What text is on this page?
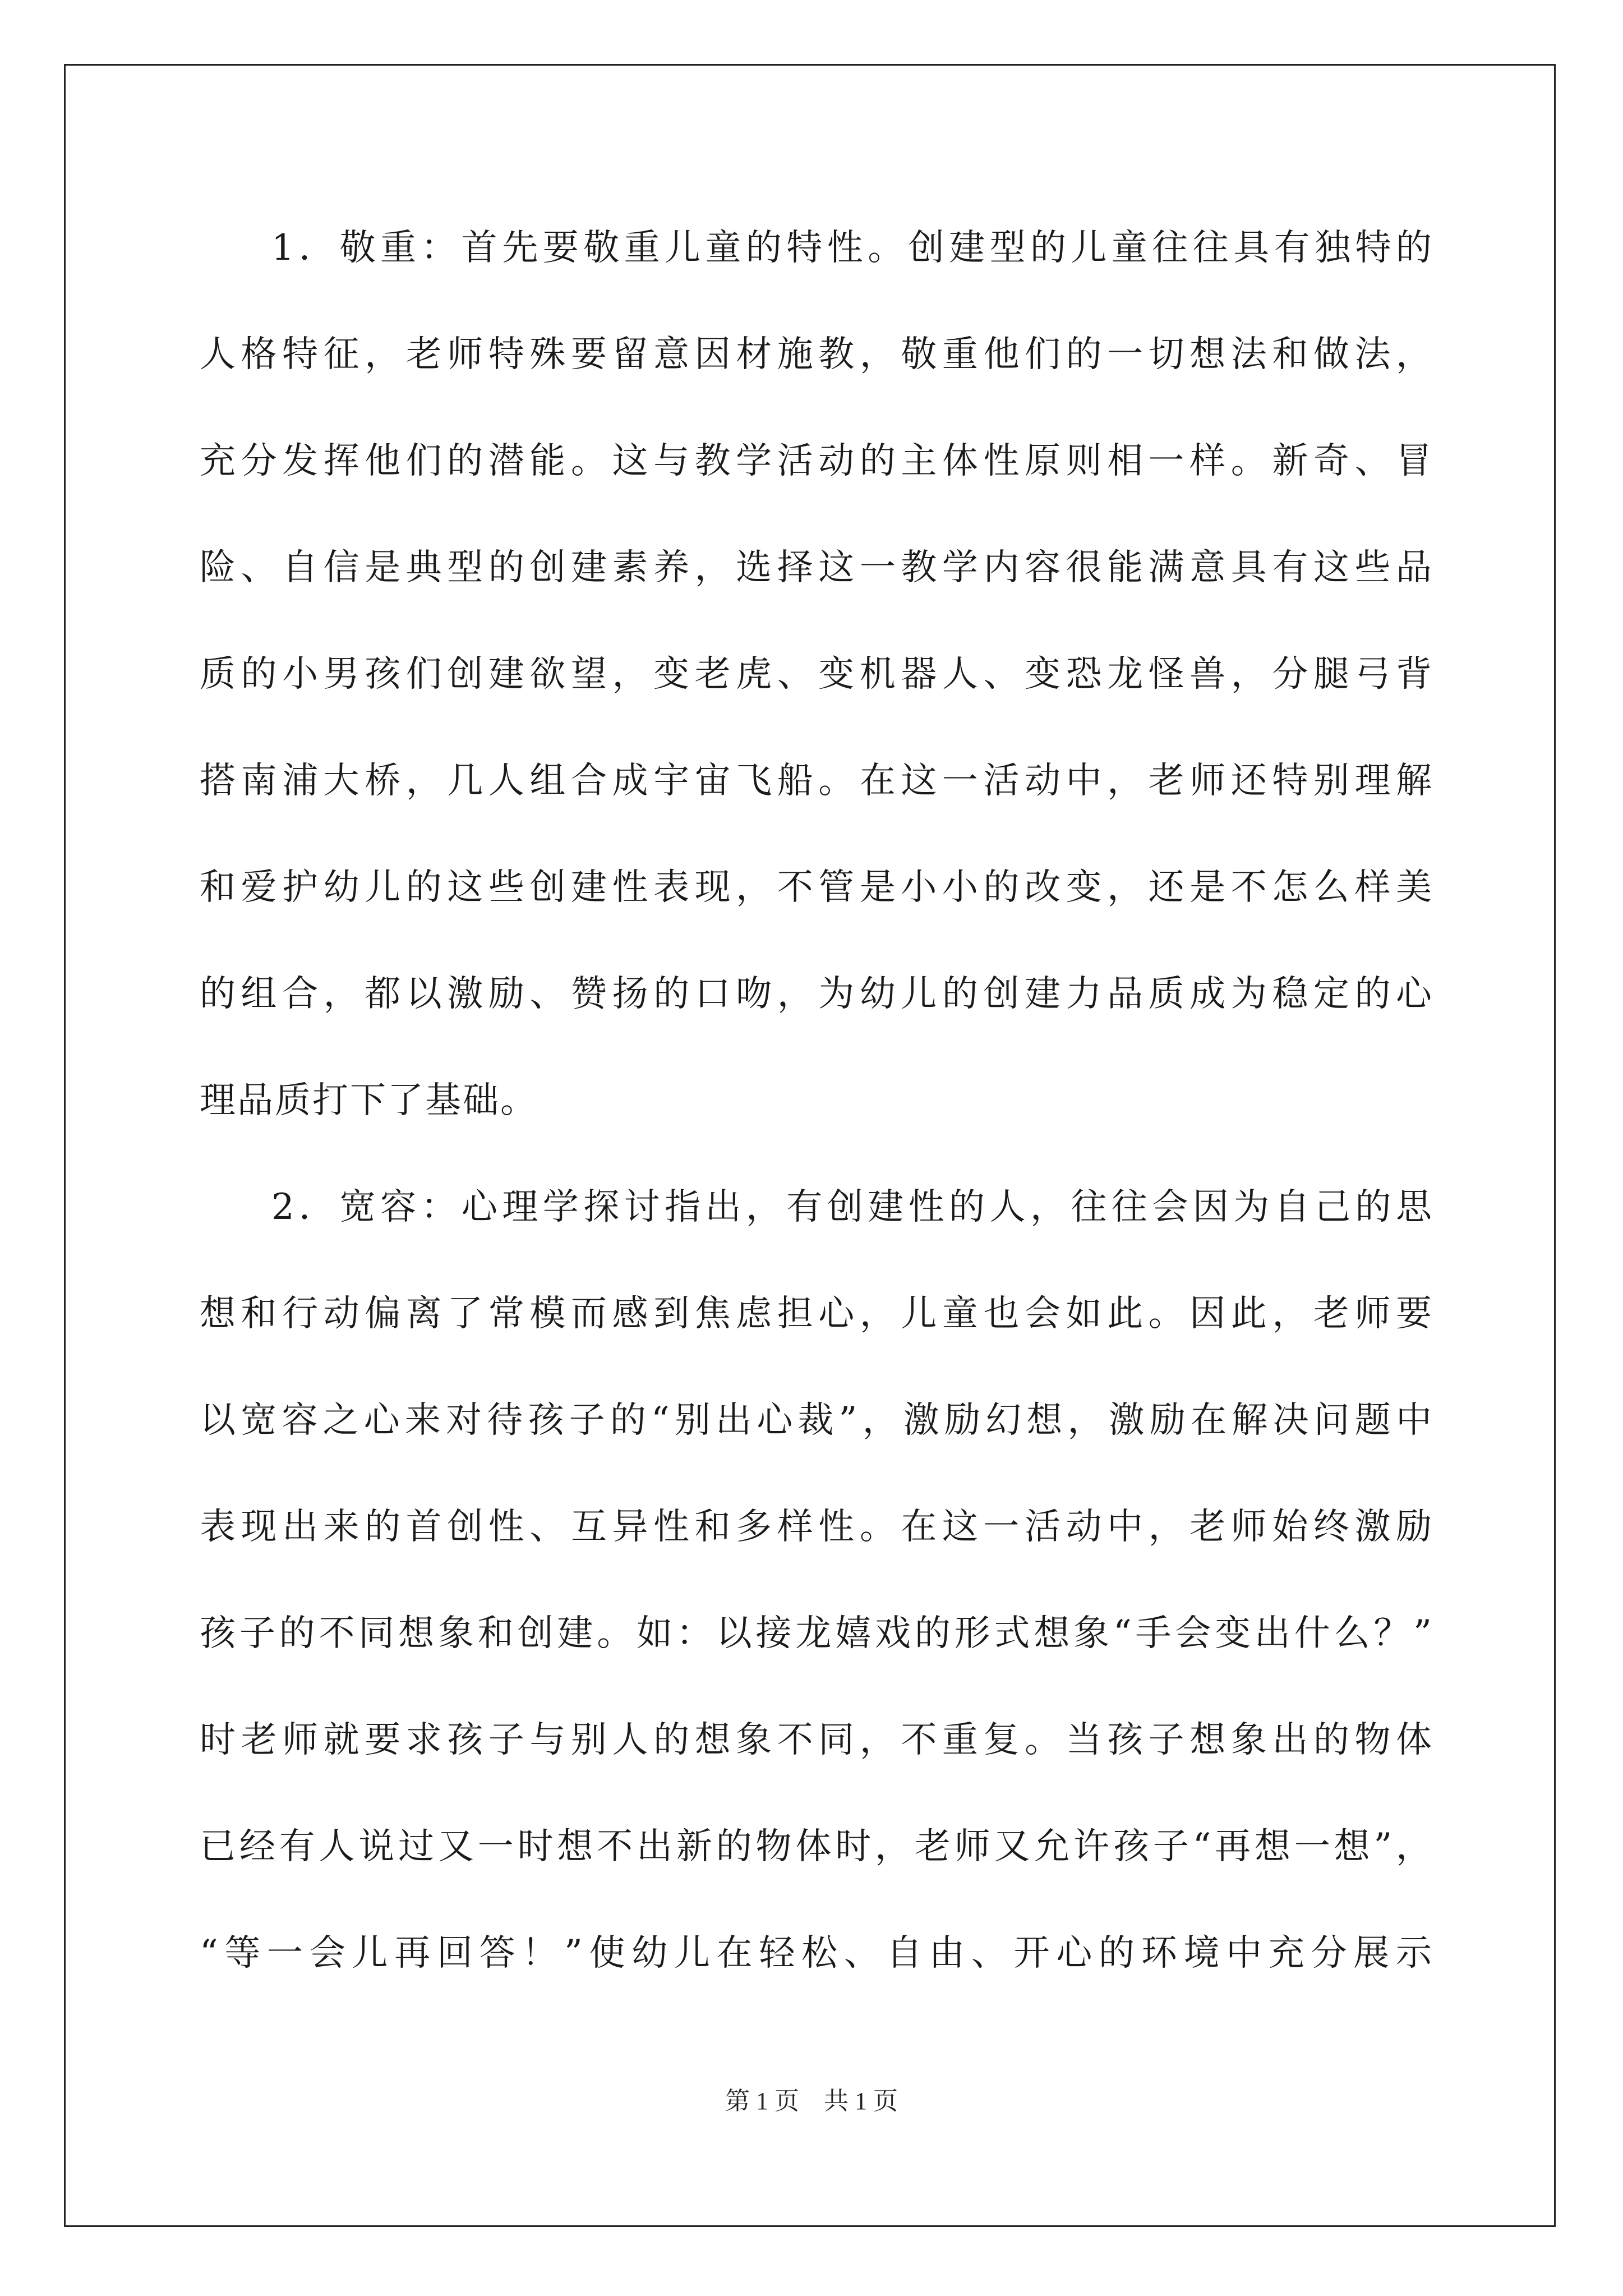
1．敬重：首先要敬重儿童的特性。创建型的儿童往往具有独特的
人格特征，老师特殊要留意因材施教，敬重他们的一切想法和做法，
充分发挥他们的潜能。这与教学活动的主体性原则相一样。新奇、冒
险、自信是典型的创建素养，选择这一教学内容很能满意具有这些品
质的小男孩们创建欲望，变老虎、变机器人、变恐龙怪兽，分腿弓背
搭南浦大桥，几人组合成宇宙飞船。在这一活动中，老师还特别理解
和爱护幼儿的这些创建性表现，不管是小小的改变，还是不怎么样美
的组合，都以激励、赞扬的口吻，为幼儿的创建力品质成为稳定的心
理品质打下了基础。
2．宽容：心理学探讨指出，有创建性的人，往往会因为自己的思
想和行动偏离了常模而感到焦虑担心，儿童也会如此。因此，老师要
以宽容之心来对待孩子的“别出心裁”，激励幻想，激励在解决问题中
表现出来的首创性、互异性和多样性。在这一活动中，老师始终激励
孩子的不同想象和创建。如：以接龙嬉戏的形式想象“手会变出什么？”
时老师就要求孩子与别人的想象不同，不重复。当孩子想象出的物体
已经有人说过又一时想不出新的物体时，老师又允许孩子“再想一想”，
“等一会儿再回答！”使幼儿在轻松、自由、开心的环境中充分展示
第 1 页　共 1 页
